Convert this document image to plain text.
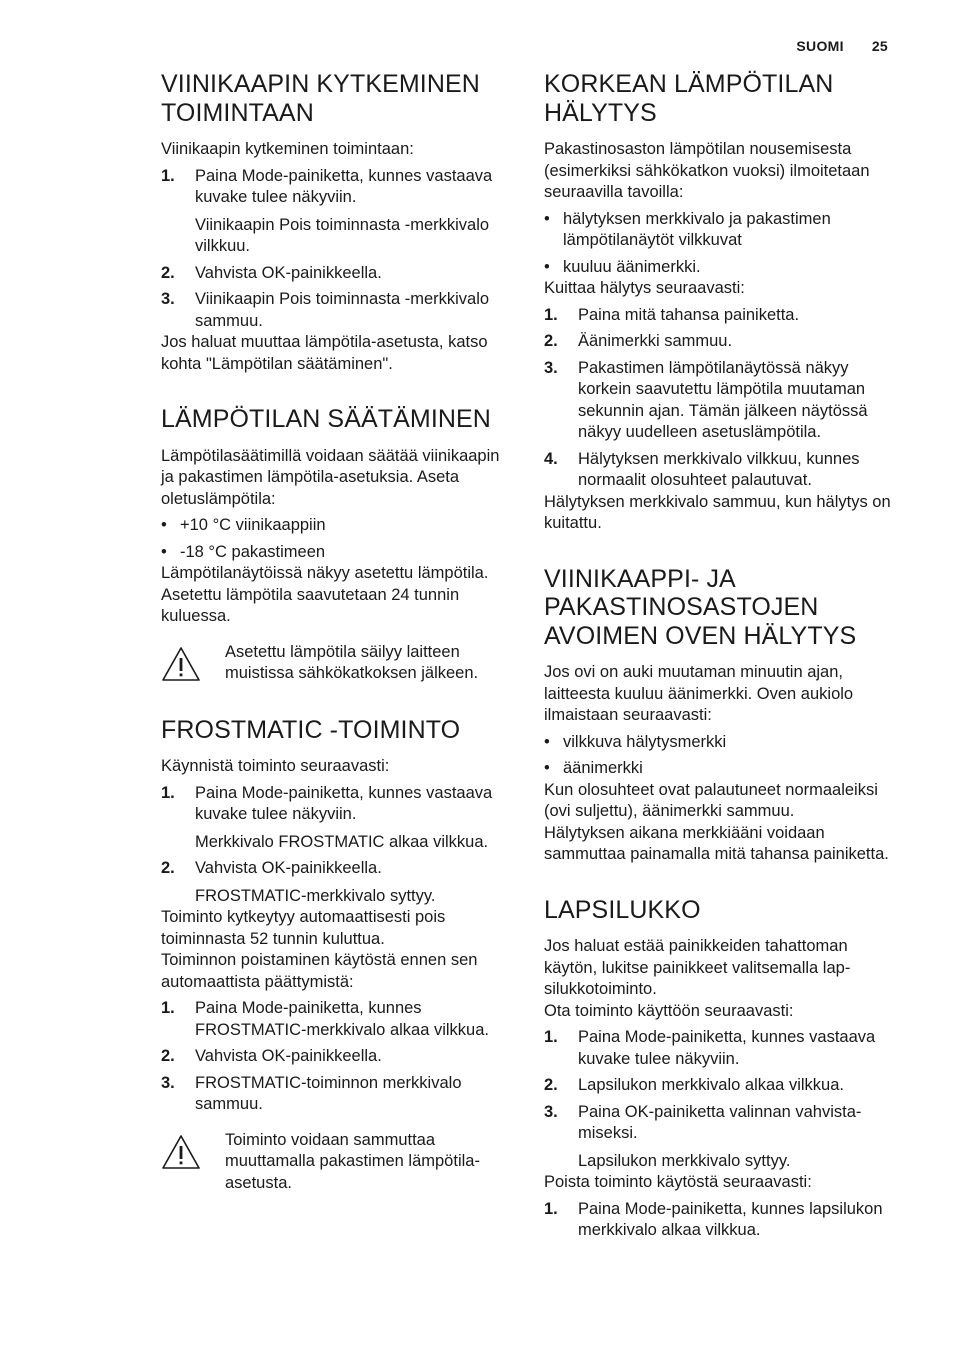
SUOMI 25
VIINIKAAPIN KYTKEMINEN TOIMINTAAN

Viinikaapin kytkeminen toimintaan:

1. Paina Mode-painiketta, kunnes vastaava kuvake tulee näkyviin.

Viinikaapin Pois toiminnasta -merkkivalo vilkkuu.

2. Vahvista OK-painikkeella.
3. Viinikaapin Pois toiminnasta -merkkivalo sammuu.

Jos haluat muuttaa lämpötila-asetusta, katso kohta "Lämpötilan säätäminen".

LÄMPÖTILAN SÄÄTÄMINEN

Lämpötilasäätimillä voidaan säätää viinikaapin ja pakastimen lämpötila-asetuksia. Aseta oletuslämpötila:

• +10 °C viinikaappiin
• -18 °C pakastimeen

Lämpötilanäytöissä näkyy asetettu lämpötila.

Asetettu lämpötila saavutetaan 24 tunnin kuluessa.

Asetettu lämpötila säilyy laitteen muistissa sähkökatkoksen jälkeen.
FROSTMATIC -TOIMINTO

Käynnistä toiminto seuraavasti:

1. Paina Mode-painiketta, kunnes vastaava kuvake tulee näkyviin.

Merkkivalo FROSTMATIC alkaa vilkkua.

2. Vahvista OK-painikkeella.

FROSTMATIC-merkkivalo syttyy.

Toiminto kytkeytyy automaattisesti pois toiminnasta 52 tunnin kuluttua.

Toiminnon poistaminen käytöstä ennen sen automaattista päättymistä:

1. Paina Mode-painiketta, kunnes FROSTMATIC-merkkivalo alkaa vilkkua.
2. Vahvista OK-painikkeella.
3. FROSTMATIC-toiminnon merkkivalo sammuu.
Toiminto voidaan sammuttaa muuttamalla pakastimen lämpötila-asetusta.
KORKEAN LÄMPÖTILAN HÄLYTYS

Pakastinosaston lämpötilan nousemisesta (esimerkiksi sähkökatkon vuoksi) ilmoitetaan seuraavilla tavoilla:

• hälytyksen merkkivalo ja pakastimen lämpötilanäytöt vilkkuvat
• kuuluu äänimerkki.

Kuittaa hälytys seuraavasti:

1. Paina mitä tahansa painiketta.
2. Äänimerkki sammuu.
3. Pakastimen lämpötilanäytössä näkyy korkein saavutettu lämpötila muutaman sekunnin ajan. Tämän jälkeen näytössä näkyy uudelleen asetuslämpötila.
4. Hälytyksen merkkivalo vilkkuu, kunnes normaalit olosuhteet palautuvat.

Hälytyksen merkkivalo sammuu, kun hälytys on kuitattu.

VIINIKAAPPI- JA PAKASTINOSASTOJEN AVOIMEN OVEN HÄLYTYS

Jos ovi on auki muutaman minuutin ajan, laitteesta kuuluu äänimerkki. Oven aukiolo ilmaistaan seuraavasti:

• vilkkuva hälytysmerkki
• äänimerkki

Kun olosuhteet ovat palautuneet normaaleiksi (ovi suljettu), äänimerkki sammuu.

Hälytyksen aikana merkkiääni voidaan sammuttaa painamalla mitä tahansa painiketta.

LAPSILUKKO

Jos haluat estää painikkeiden tahattoman käytön, lukitse painikkeet valitsemalla lapsilukkotoiminto.

Ota toiminto käyttöön seuraavasti:

1. Paina Mode-painiketta, kunnes vastaava kuvake tulee näkyviin.
2. Lapsilukon merkkivalo alkaa vilkkua.
3. Paina OK-painiketta valinnan vahvistamiseksi.

Lapsilukon merkkivalo syttyy.

Poista toiminto käytöstä seuraavasti:

1. Paina Mode-painiketta, kunnes lapsilukon merkkivalo alkaa vilkkua.
